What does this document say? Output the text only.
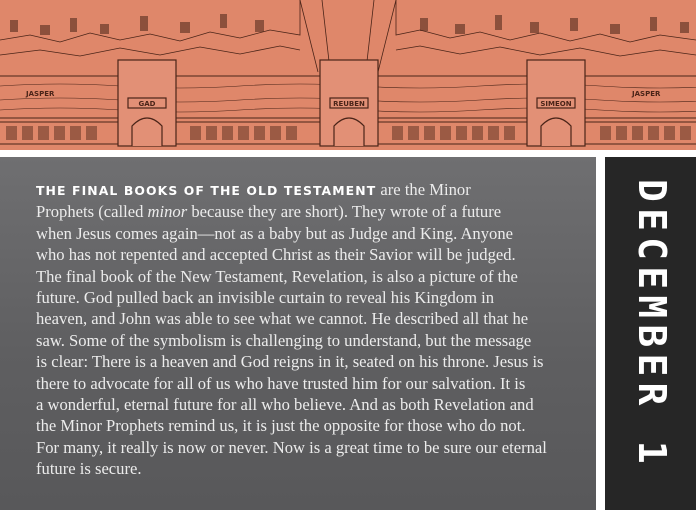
JASPER
GAD	REUBEN	SIMEON
JASPER

THE FINAL BOOKS OF THE OLD TESTAMENT are the Minor
Prophets (called minor because they are short). They wrote of a future
when Jesus comes again—not as a baby but as Judge and King. Anyone
who has not repented and accepted Christ as their Savior will be judged.
The final book of the New Testament, Revelation, is also a picture of the
future. God pulled back an invisible curtain to reveal his Kingdom in
heaven, and John was able to see what we cannot. He described all that he
saw. Some of the symbolism is challenging to understand, but the message
is clear: There is a heaven and God reigns in it, seated on his throne. Jesus is
there to advocate for all of us who have trusted him for our salvation. It is
a wonderful, eternal future for all who believe. And as both Revelation and
the Minor Prophets remind us, it is just the opposite for those who do not.
For many, it really is now or never. Now is a great time to be sure our eternal
future is secure.	DECEMBER 1
